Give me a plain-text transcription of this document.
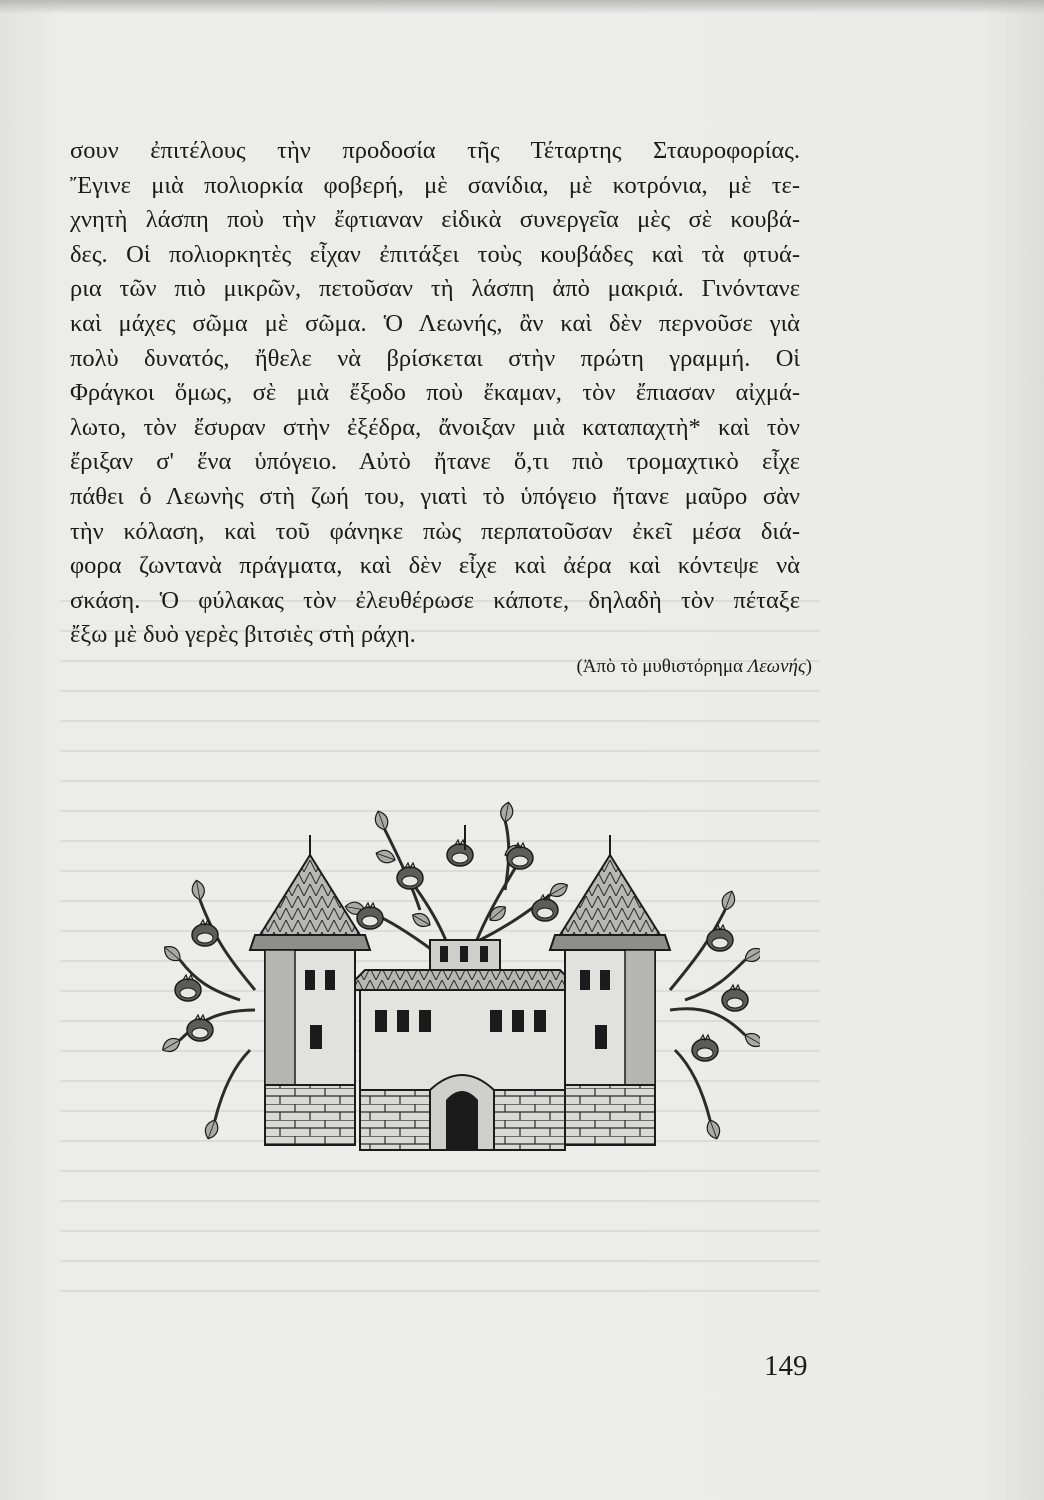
σουν ἐπιτέλους τὴν προδοσία τῆς Τέταρτης Σταυροφορίας.
Ἔγινε μιὰ πολιορκία φοβερή, μὲ σανίδια, μὲ κοτρόνια, μὲ τε-
χνητὴ λάσπη ποὺ τὴν ἔφτιαναν εἰδικὰ συνεργεῖα μὲς σὲ κουβά-
δες. Οἱ πολιορκητὲς εἶχαν ἐπιτάξει τοὺς κουβάδες καὶ τὰ φτυά-
ρια τῶν πιὸ μικρῶν, πετοῦσαν τὴ λάσπη ἀπὸ μακριά. Γινόντανε
καὶ μάχες σῶμα μὲ σῶμα. Ὁ Λεωνής, ἂν καὶ δὲν περνοῦσε γιὰ
πολὺ δυνατός, ἤθελε νὰ βρίσκεται στὴν πρώτη γραμμή. Οἱ
Φράγκοι ὅμως, σὲ μιὰ ἔξοδο ποὺ ἔκαμαν, τὸν ἔπιασαν αἰχμά-
λωτο, τὸν ἔσυραν στὴν ἐξέδρα, ἄνοιξαν μιὰ καταπαχτὴ* καὶ τὸν
ἔριξαν σ' ἕνα ὑπόγειο. Αὐτὸ ἤτανε ὅ,τι πιὸ τρομαχτικὸ εἶχε
πάθει ὁ Λεωνὴς στὴ ζωή του, γιατὶ τὸ ὑπόγειο ἤτανε μαῦρο σὰν
τὴν κόλαση, καὶ τοῦ φάνηκε πὼς περπατοῦσαν ἐκεῖ μέσα διά-
φορα ζωντανὰ πράγματα, καὶ δὲν εἶχε καὶ ἀέρα καὶ κόντεψε νὰ
σκάση. Ὁ φύλακας τὸν ἐλευθέρωσε κάποτε, δηλαδὴ τὸν πέταξε
ἔξω μὲ δυὸ γερὲς βιτσιὲς στὴ ράχη.
(Ἀπὸ τὸ μυθιστόρημα Λεωνής)
149
